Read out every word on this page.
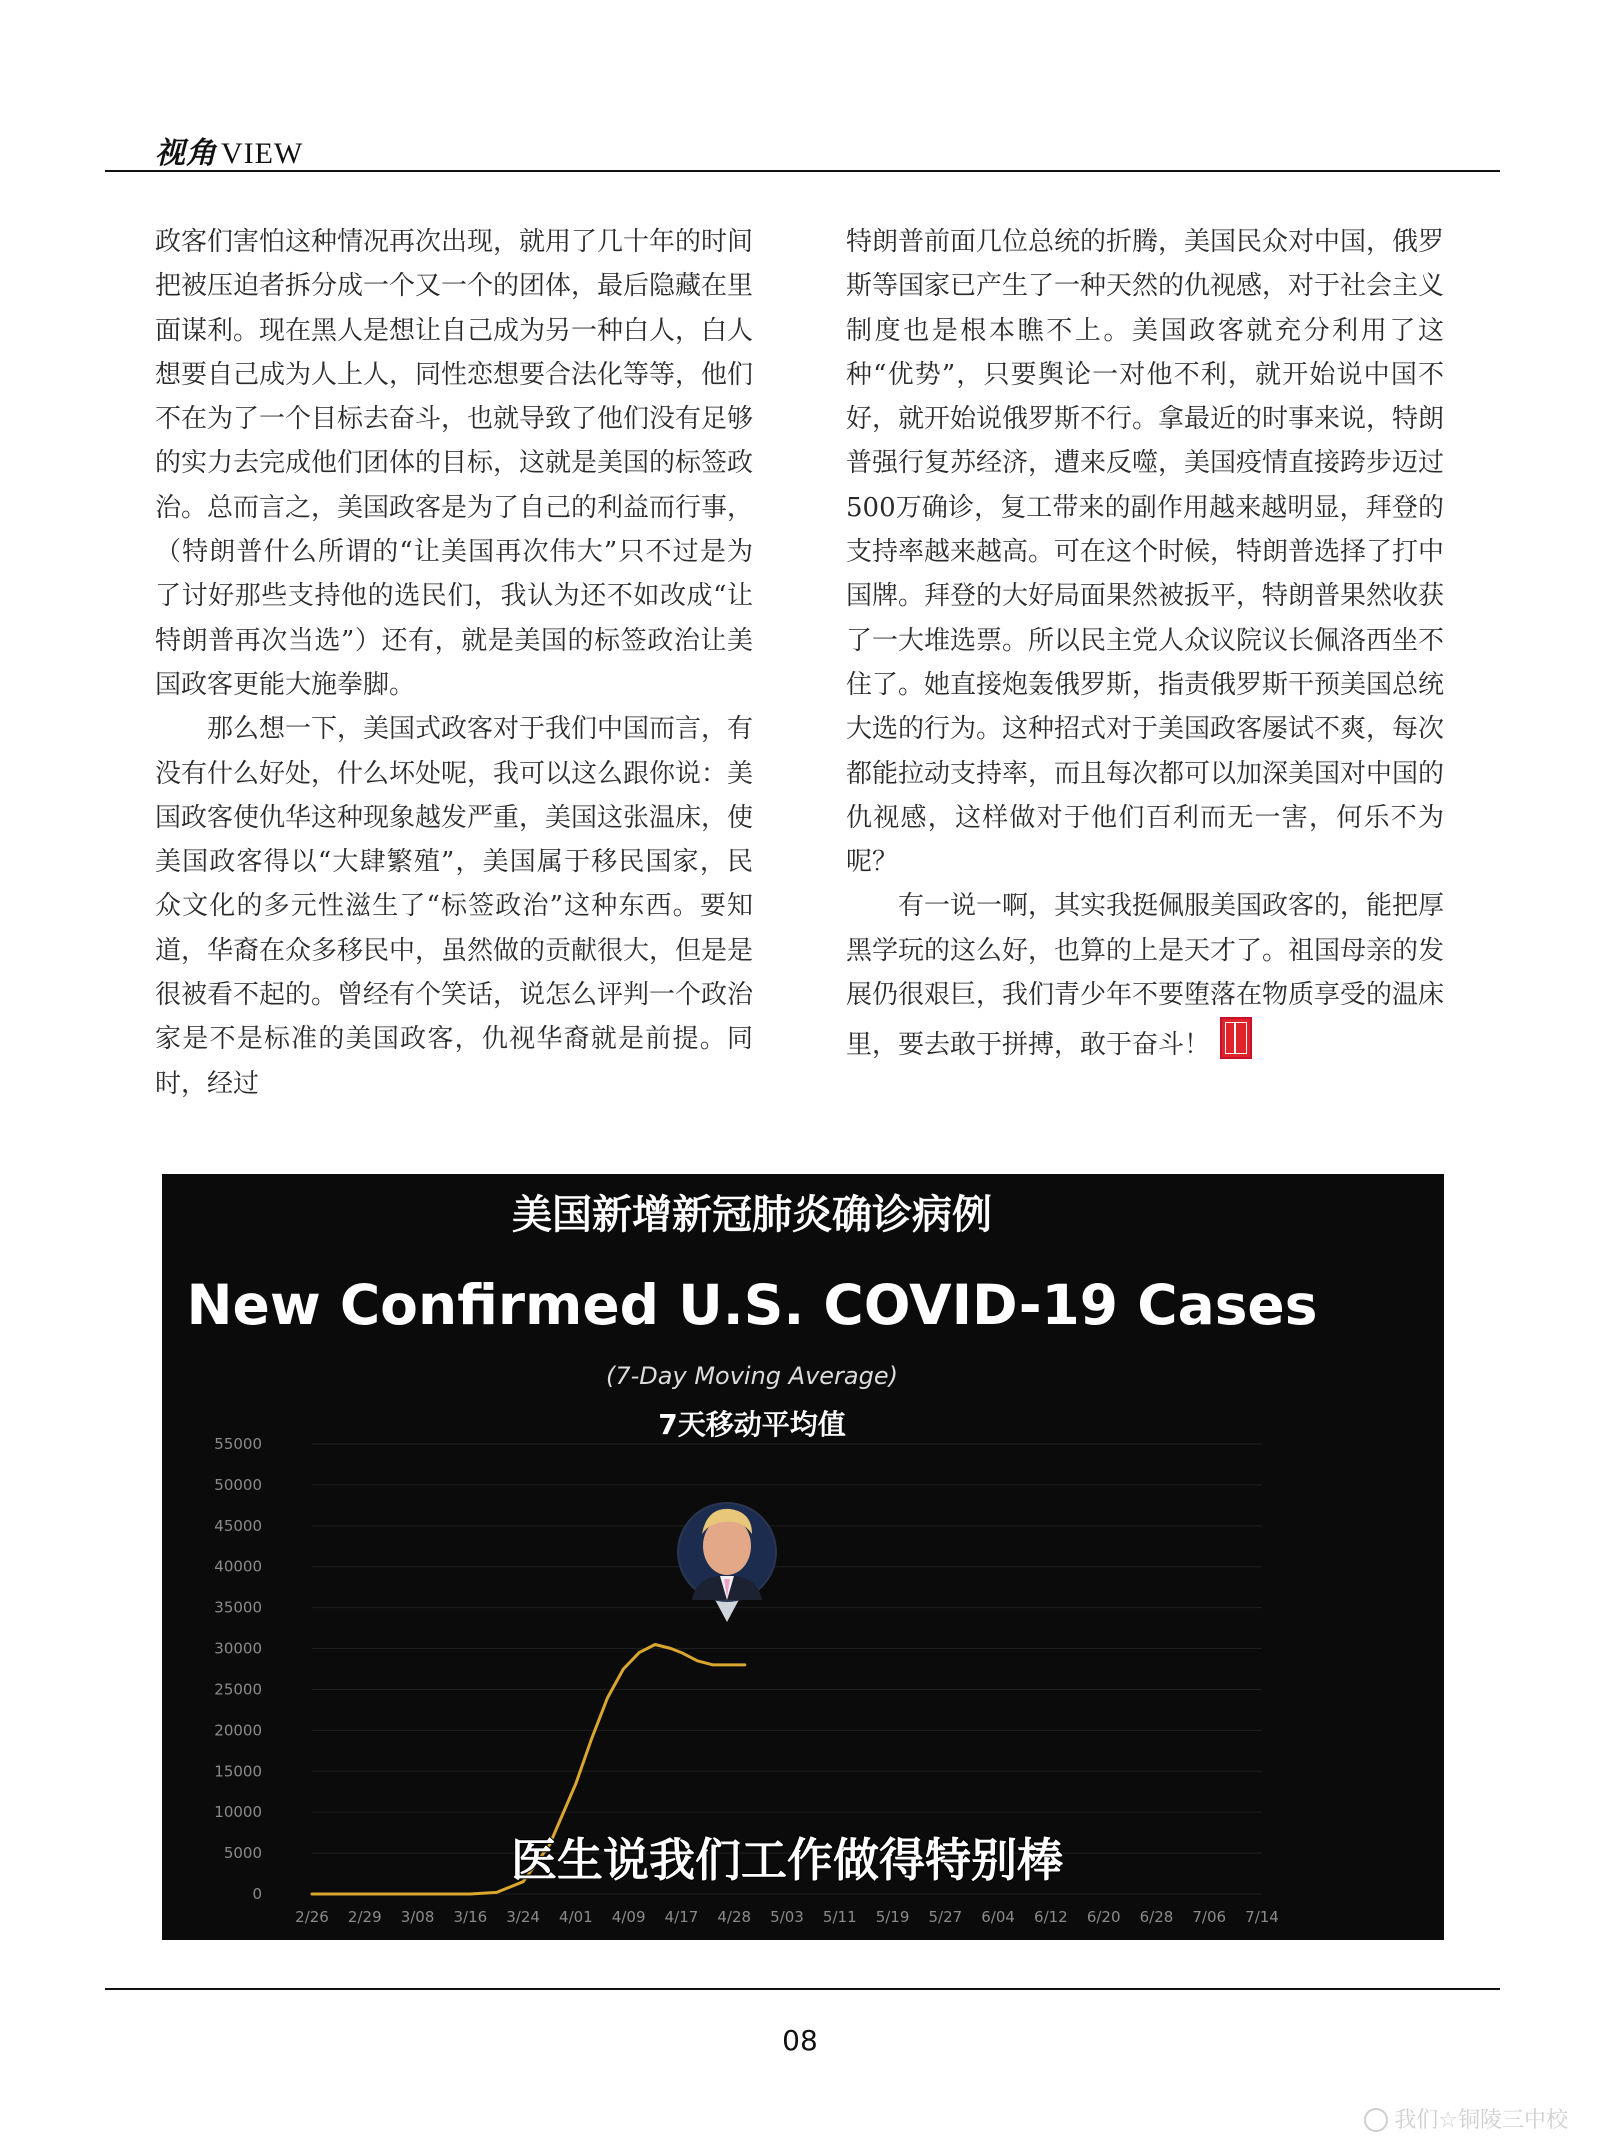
视角 VIEW

政客们害怕这种情况再次出现，就用了几十年的时间把被压迫者拆分成一个又一个的团体，最后隐藏在里面谋利。现在黑人是想让自己成为另一种白人，白人想要自己成为人上人，同性恋想要合法化等等，他们不在为了一个目标去奋斗，也就导致了他们没有足够的实力去完成他们团体的目标，这就是美国的标签政治。总而言之，美国政客是为了自己的利益而行事，（特朗普什么所谓的“让美国再次伟大”只不过是为了讨好那些支持他的选民们，我认为还不如改成“让特朗普再次当选”）还有，就是美国的标签政治让美国政客更能大施拳脚。

那么想一下，美国式政客对于我们中国而言，有没有什么好处，什么坏处呢，我可以这么跟你说：美国政客使仇华这种现象越发严重，美国这张温床，使美国政客得以“大肆繁殖”，美国属于移民国家，民众文化的多元性滋生了“标签政治”这种东西。要知道，华裔在众多移民中，虽然做的贡献很大，但是是很被看不起的。曾经有个笑话，说怎么评判一个政治家是不是标准的美国政客，仇视华裔就是前提。同时，经过

特朗普前面几位总统的折腾，美国民众对中国，俄罗斯等国家已产生了一种天然的仇视感，对于社会主义制度也是根本瞧不上。美国政客就充分利用了这种“优势”，只要舆论一对他不利，就开始说中国不好，就开始说俄罗斯不行。拿最近的时事来说，特朗普强行复苏经济，遭来反噬，美国疫情直接跨步迈过500万确诊，复工带来的副作用越来越明显，拜登的支持率越来越高。可在这个时候，特朗普选择了打中国牌。拜登的大好局面果然被扳平，特朗普果然收获了一大堆选票。所以民主党人众议院议长佩洛西坐不住了。她直接炮轰俄罗斯，指责俄罗斯干预美国总统大选的行为。这种招式对于美国政客屡试不爽，每次都能拉动支持率，而且每次都可以加深美国对中国的仇视感，这样做对于他们百利而无一害，何乐不为呢？

有一说一啊，其实我挺佩服美国政客的，能把厚黑学玩的这么好，也算的上是天才了。祖国母亲的发展仍很艰巨，我们青少年不要堕落在物质享受的温床里，要去敢于拼搏，敢于奋斗！

0
5000
10000
15000
20000
25000
30000
35000
40000
45000
50000
55000
2/26 2/29 3/08 3/16 3/24 4/01 4/09 4/17 4/28 5/03 5/11 5/19 5/27 6/04 6/12 6/20 6/28 7/06 7/14
美国新增新冠肺炎确诊病例
New Confirmed U.S. COVID-19 Cases
(7-Day Moving Average)
7天移动平均值
医生说我们工作做得特别棒
08
我们☆铜陵三中校
